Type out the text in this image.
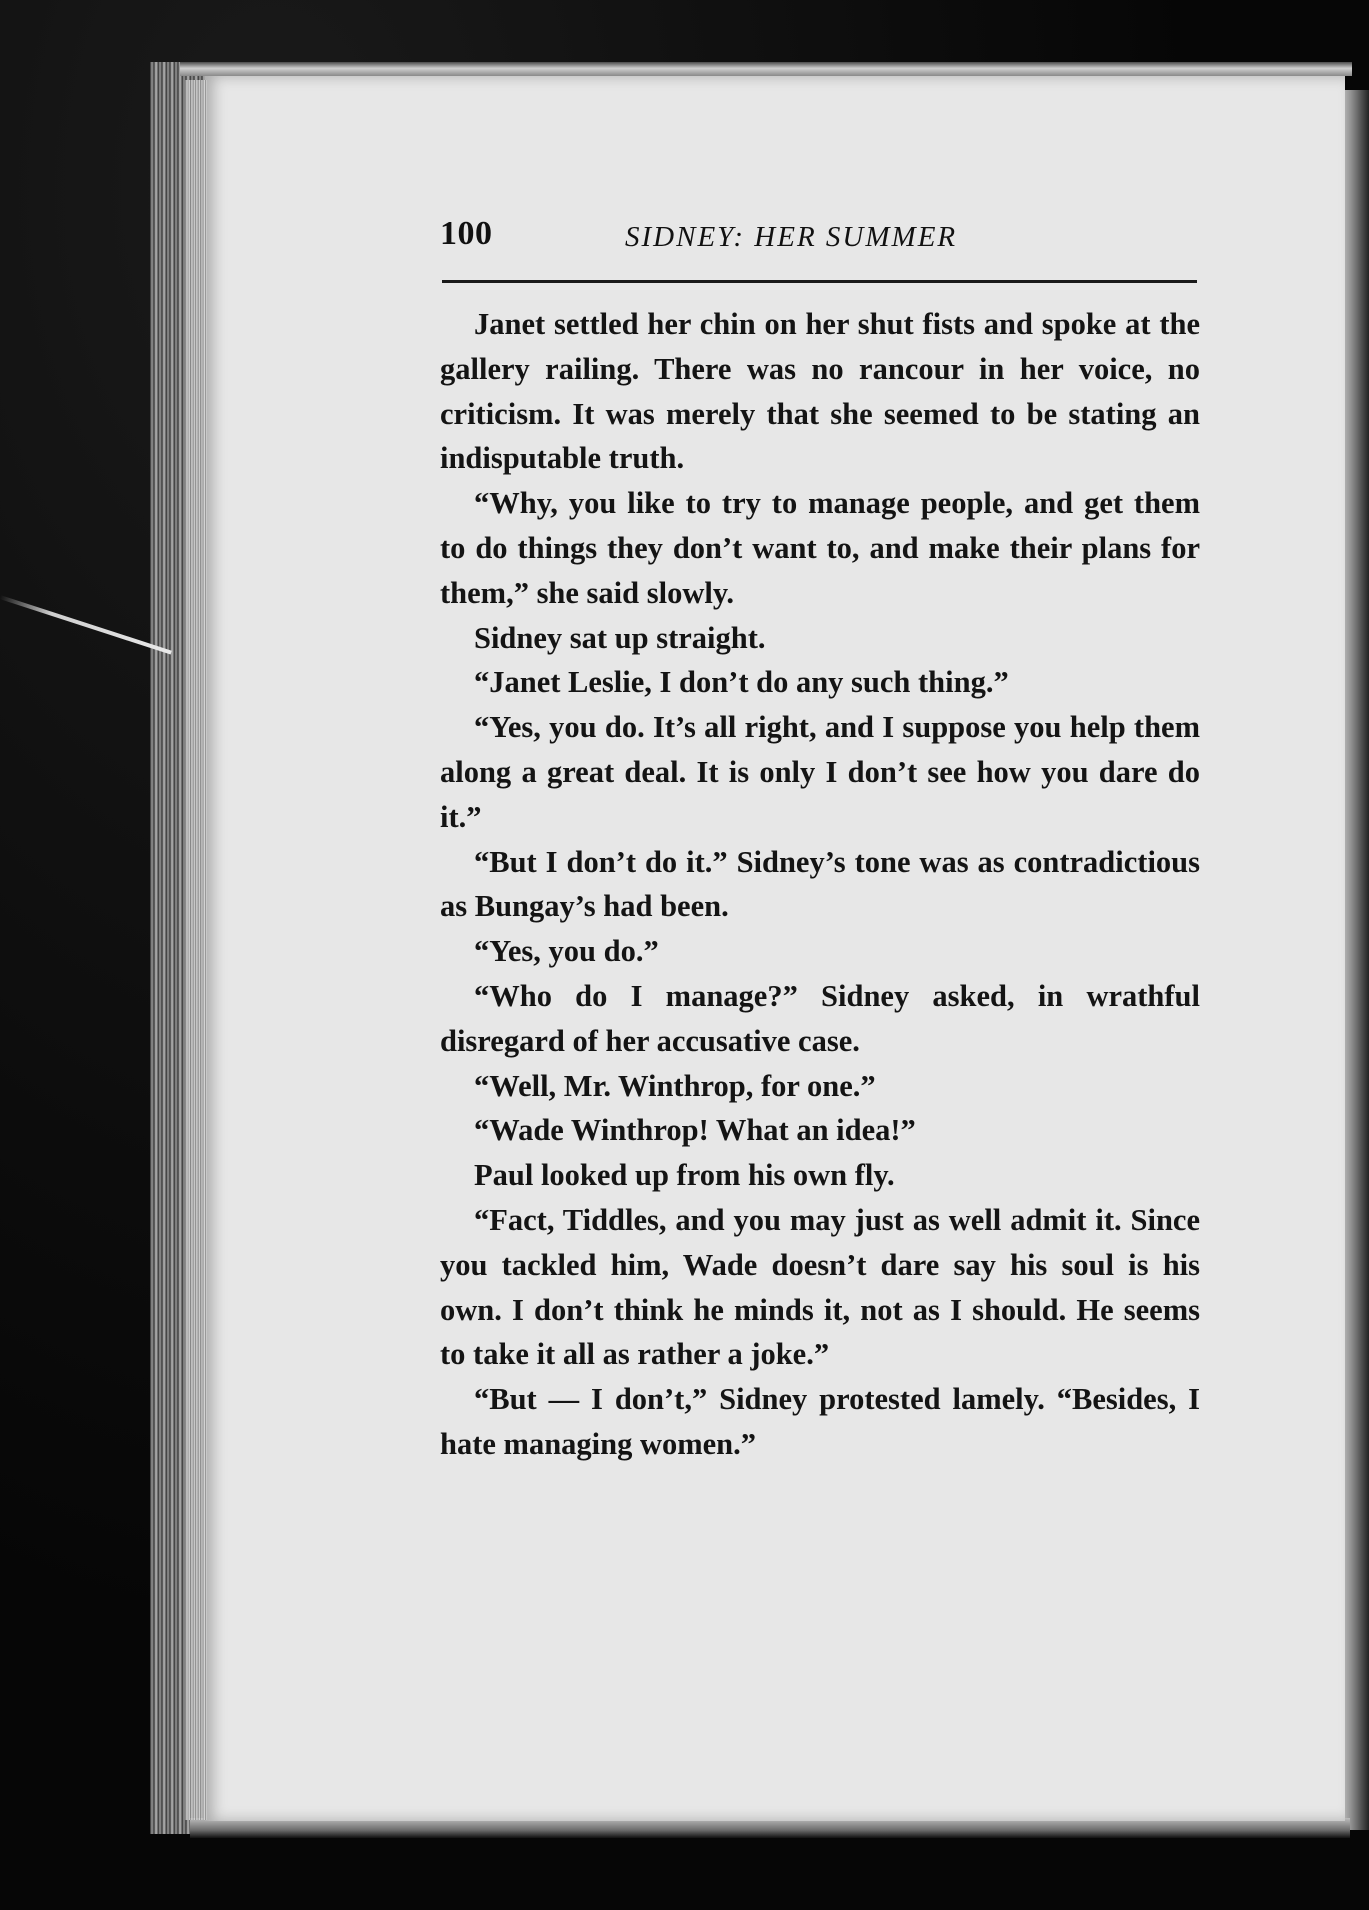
100	SIDNEY: HER SUMMER

Janet settled her chin on her shut fists and spoke at the gallery railing. There was no rancour in her voice, no criticism. It was merely that she seemed to be stating an indisputable truth.

“Why, you like to try to manage people, and get them to do things they don’t want to, and make their plans for them,” she said slowly.

Sidney sat up straight.

“Janet Leslie, I don’t do any such thing.”

“Yes, you do. It’s all right, and I suppose you help them along a great deal. It is only I don’t see how you dare do it.”

“But I don’t do it.” Sidney’s tone was as contradictious as Bungay’s had been.

“Yes, you do.”

“Who do I manage?” Sidney asked, in wrathful disregard of her accusative case.

“Well, Mr. Winthrop, for one.”

“Wade Winthrop! What an idea!”

Paul looked up from his own fly.

“Fact, Tiddles, and you may just as well admit it. Since you tackled him, Wade doesn’t dare say his soul is his own. I don’t think he minds it, not as I should. He seems to take it all as rather a joke.”

“But — I don’t,” Sidney protested lamely. “Besides, I hate managing women.”
